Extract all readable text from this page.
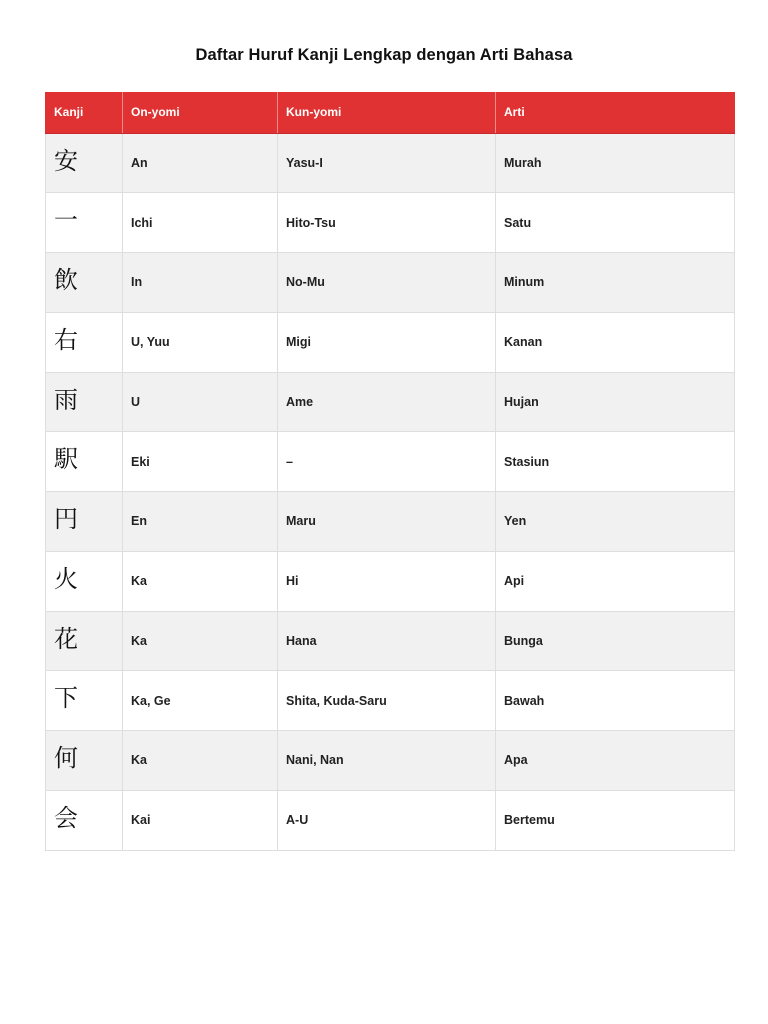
Daftar Huruf Kanji Lengkap dengan Arti Bahasa
Kanji	On-yomi	Kun-yomi	Arti
安	An	Yasu-I	Murah
一	Ichi	Hito-Tsu	Satu
飲	In	No-Mu	Minum
右	U, Yuu	Migi	Kanan
雨	U	Ame	Hujan
駅	Eki	–	Stasiun
円	En	Maru	Yen
火	Ka	Hi	Api
花	Ka	Hana	Bunga
下	Ka, Ge	Shita, Kuda-Saru	Bawah
何	Ka	Nani, Nan	Apa
会	Kai	A-U	Bertemu
